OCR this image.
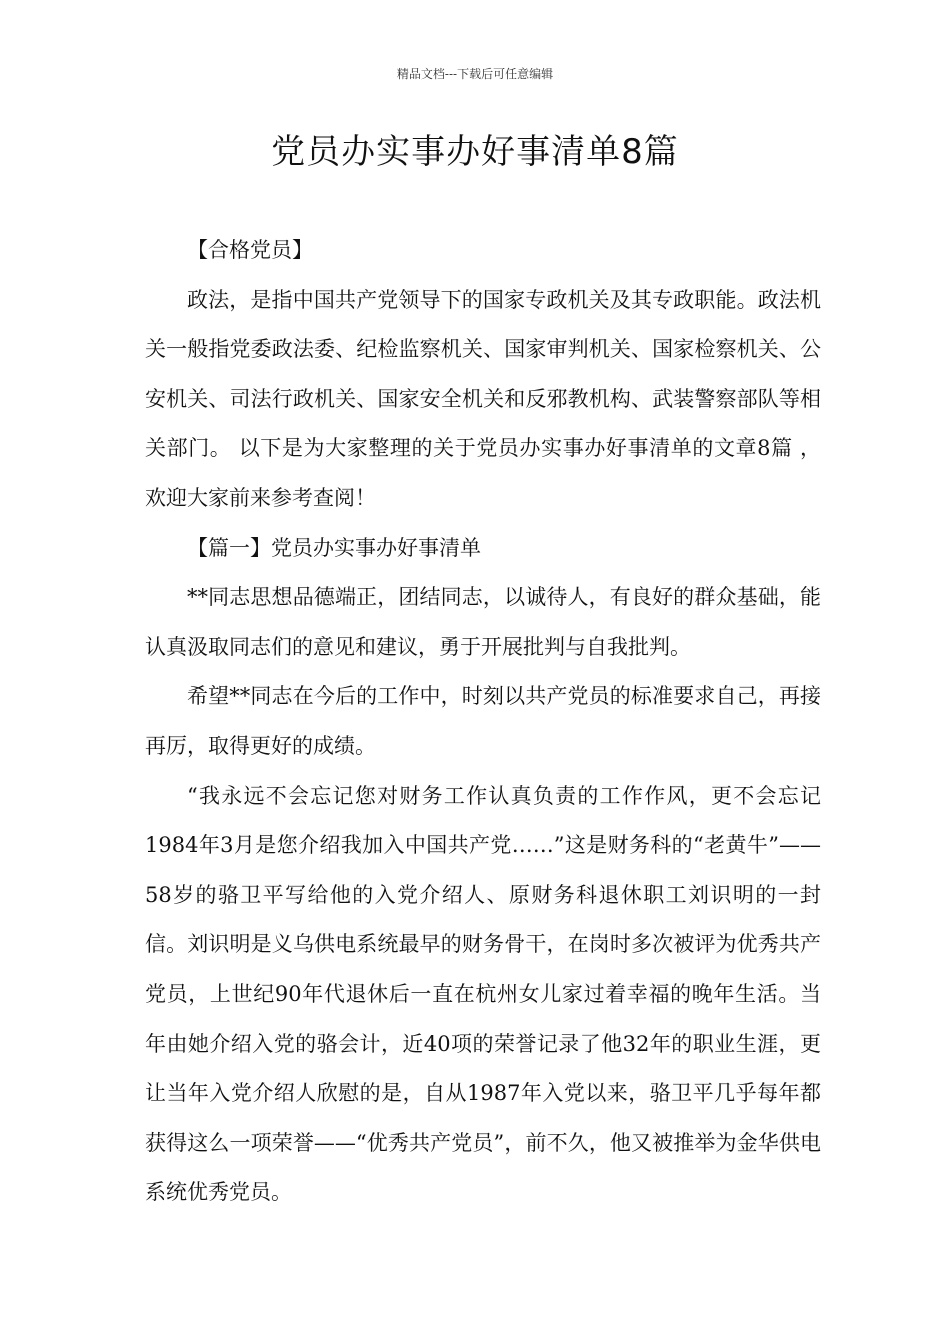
精品文档---下载后可任意编辑
党员办实事办好事清单8篇

【合格党员】

政法，是指中国共产党领导下的国家专政机关及其专政职能。政法机关一般指党委政法委、纪检监察机关、国家审判机关、国家检察机关、公安机关、司法行政机关、国家安全机关和反邪教机构、武装警察部队等相关部门。 以下是为大家整理的关于党员办实事办好事清单的文章8篇 ，欢迎大家前来参考查阅！

【篇一】党员办实事办好事清单

**同志思想品德端正，团结同志，以诚待人，有良好的群众基础，能认真汲取同志们的意见和建议，勇于开展批判与自我批判。

希望**同志在今后的工作中，时刻以共产党员的标准要求自己，再接再厉，取得更好的成绩。

“我永远不会忘记您对财务工作认真负责的工作作风，更不会忘记1984年3月是您介绍我加入中国共产党……”这是财务科的“老黄牛”——58岁的骆卫平写给他的入党介绍人、原财务科退休职工刘识明的一封信。刘识明是义乌供电系统最早的财务骨干，在岗时多次被评为优秀共产党员，上世纪90年代退休后一直在杭州女儿家过着幸福的晚年生活。当年由她介绍入党的骆会计，近40项的荣誉记录了他32年的职业生涯，更让当年入党介绍人欣慰的是，自从1987年入党以来，骆卫平几乎每年都获得这么一项荣誉——“优秀共产党员”，前不久，他又被推举为金华供电系统优秀党员。
